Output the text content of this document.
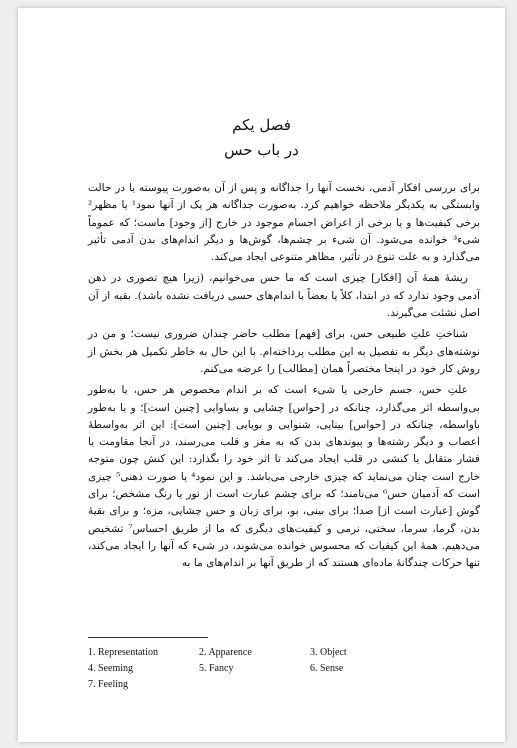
فصل یکم
در باب حس

برای بررسی افکار آدمی، نخست آنها را جداگانه و پس از آن به‌صورت پیوسته یا در حالت وابستگی به یکدیگر ملاحظه خواهیم کرد. به‌صورت جداگانه هر یک از آنها نمود¹ یا مظهر² برخی کیفیت‌ها و یا برخی از اعراض اجسام موجود در خارج [از وجود] ماست؛ که عموماً شیء³ خوانده می‌شود. آن شیء بر چشم‌ها، گوش‌ها و دیگر اندام‌های بدن آدمی تأثیر می‌گذارد و به علت تنوع در تأثیر، مظاهر متنوعی ایجاد می‌کند.

ریشهٔ همهٔ آن [افکار] چیزی است که ما حس می‌خوانیم، (زیرا هیچ تصوری در ذهن آدمی وجود ندارد که در ابتدا، کلاً یا بعضاً با اندام‌های حسی دریافت نشده باشد). بقیه از آن اصل نشئت می‌گیرند.

شناختِ علتِ طبیعی حس، برای [فهم] مطلب حاضر چندان ضروری نیست؛ و من در نوشته‌های دیگر به تفصیل به این مطلب پرداخته‌ام. با این حال به خاطر تکمیل هر بخش از روش کار خود در اینجا مختصراً همان [مطالب] را عرضه می‌کنم.

علتِ حس، جسم خارجی یا شیء است که بر اندام مخصوص هر حس، یا به‌طور بی‌واسطه اثر می‌گذارد، چنانکه در [حواس] چشایی و بساوایی [چنین است]؛ و یا به‌طور باواسطه، چنانکه در [حواس] بینایی، شنوایی و بویایی [چنین است]: این اثر به‌واسطهٔ اعصاب و دیگر رشته‌ها و پیوندهای بدن که به مغز و قلب می‌رسند، در آنجا مقاومت یا فشار متقابل یا کنشی در قلب ایجاد می‌کند تا اثر خود را بگذارد: این کنش چون متوجه خارج است چنان می‌نماید که چیزی خارجی می‌باشد. و این نمود⁴ یا صورت ذهنی⁵ چیزی است که آدمیان حس⁶ می‌نامند؛ که برای چشم عبارت است از نور یا رنگ مشخص؛ برای گوش [عبارت است از] صدا؛ برای بینی، بو، برای زبان و حس چشایی، مزه؛ و برای بقیهٔ بدن، گرما، سرما، سختی، نرمی و کیفیت‌های دیگری که ما از طریق احساس⁷ تشخیص می‌دهیم. همهٔ این کیفیات که محسوس خوانده می‌شوند، در شیء که آنها را ایجاد می‌کند، تنها حرکات چندگانهٔ ماده‌ای هستند که از طریق آنها بر اندام‌های ما به

1. Representation	2. Apparence	3. Object
4. Seeming	5. Fancy	6. Sense
7. Feeling
